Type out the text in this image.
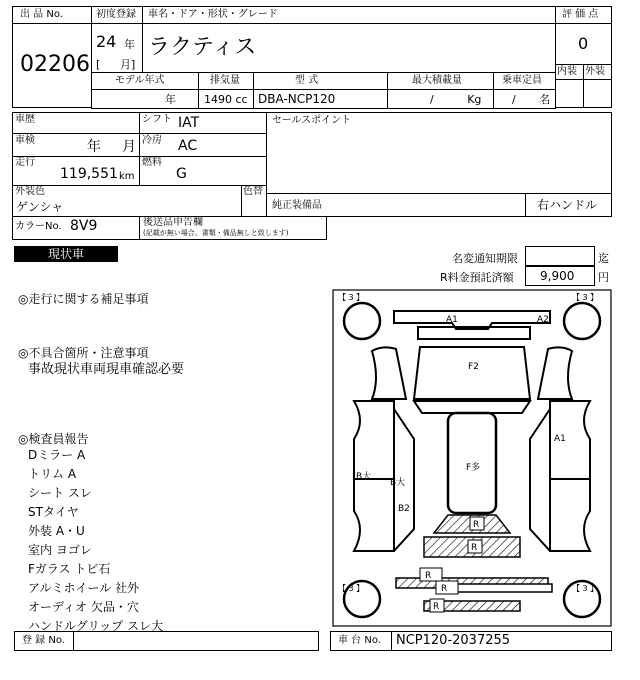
出 品 No.
02206
初度登録
24 年
[ 月]
車名・ドア・形状・グレード
ラクティス
評 価 点
0
内装 外装
モデル年式	排気量	型 式	最大積載量	乗車定員
年	1490 cc DBA-NCP120	/ Kg	/ 名
車歴	シフト IAT
車検	年 月 冷房 AC
走行
119,551 km
燃料
G
セールスポイント
外装色
ゲンシャ
色替
純正装備品	右ハンドル
カラーNo. 8V9	後送品申告欄
(記載が無い場合、書類・備品無しと致します)
現状車	名変通知期限	迄
R料金預託済額 9,900 円
◎走行に関する補足事項
◎不具合箇所・注意事項
事故現状車両現車確認必要
◎検査員報告
Dミラー A
トリム A
シート スレ
STタイヤ
外装 A・U
室内 ヨゴレ
Fガラス トビ石
アルミホイール 社外
オーディオ 欠品・穴
ハンドルグリップ スレ大
【 3 】	【 3 】
【 3 】	【 3 】
A1	A2
F2
B大
B大
B2
A1
F多
R
R
R
R
R
登 録 No.	車 台 No. NCP120-2037255
